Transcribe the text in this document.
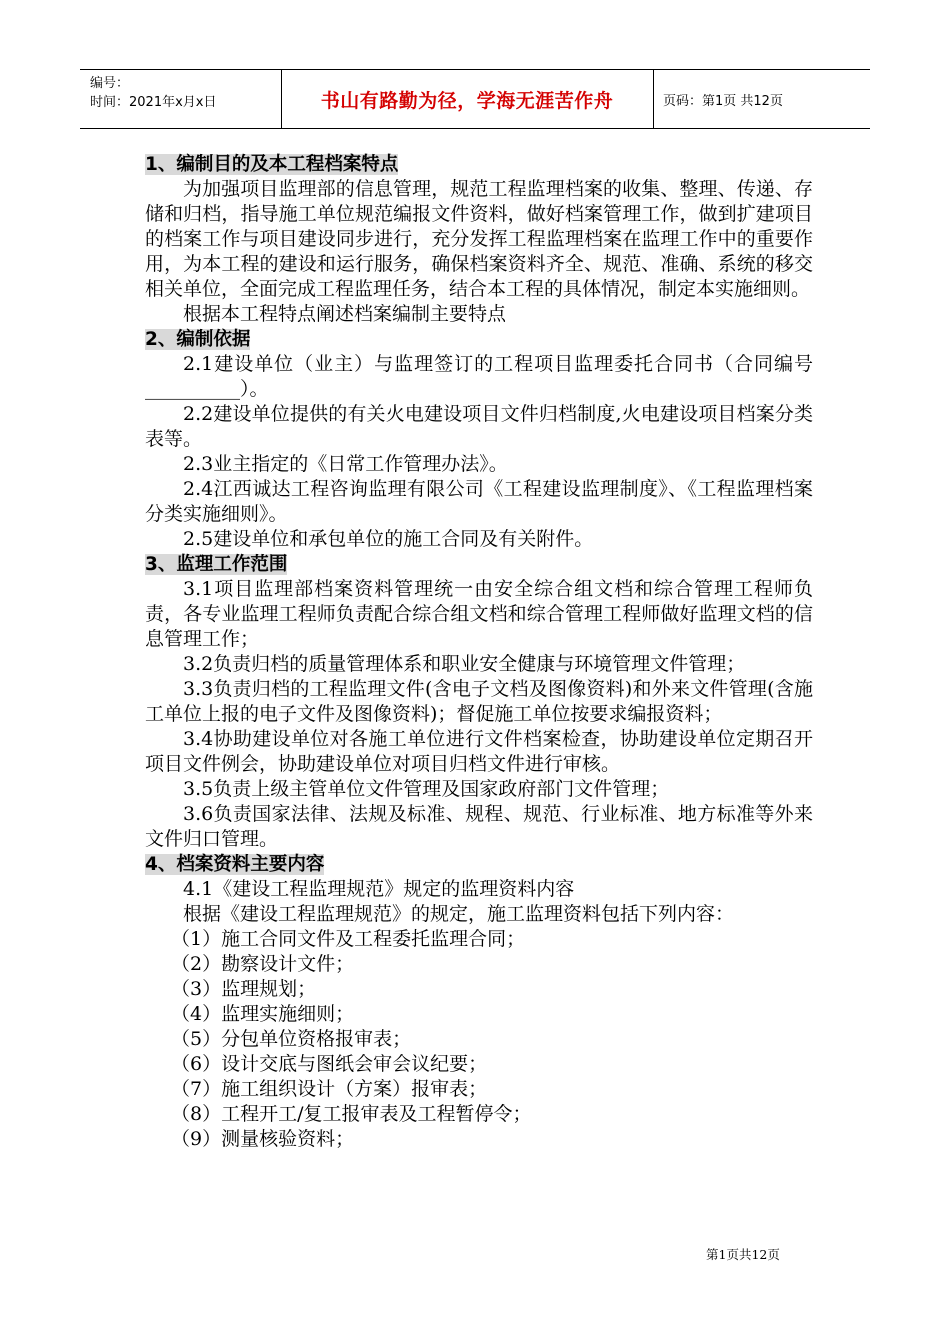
编号：
时间：2021年x月x日	书山有路勤为径，学海无涯苦作舟	页码：第1页 共12页
1、编制目的及本工程档案特点

为加强项目监理部的信息管理，规范工程监理档案的收集、整理、传递、存储和归档，指导施工单位规范编报文件资料，做好档案管理工作，做到扩建项目的档案工作与项目建设同步进行，充分发挥工程监理档案在监理工作中的重要作用，为本工程的建设和运行服务，确保档案资料齐全、规范、准确、系统的移交相关单位，全面完成工程监理任务，结合本工程的具体情况，制定本实施细则。

根据本工程特点阐述档案编制主要特点

2、编制依据

2.1建设单位（业主）与监理签订的工程项目监理委托合同书（合同编号__________）。

2.2建设单位提供的有关火电建设项目文件归档制度,火电建设项目档案分类表等。

2.3业主指定的《日常工作管理办法》。

2.4江西诚达工程咨询监理有限公司《工程建设监理制度》、《工程监理档案分类实施细则》。

2.5建设单位和承包单位的施工合同及有关附件。

3、监理工作范围

3.1项目监理部档案资料管理统一由安全综合组文档和综合管理工程师负责，各专业监理工程师负责配合综合组文档和综合管理工程师做好监理文档的信息管理工作；

3.2负责归档的质量管理体系和职业安全健康与环境管理文件管理；

3.3负责归档的工程监理文件(含电子文档及图像资料)和外来文件管理(含施工单位上报的电子文件及图像资料)；督促施工单位按要求编报资料；

3.4协助建设单位对各施工单位进行文件档案检查，协助建设单位定期召开项目文件例会，协助建设单位对项目归档文件进行审核。

3.5负责上级主管单位文件管理及国家政府部门文件管理；

3.6负责国家法律、法规及标准、规程、规范、行业标准、地方标准等外来文件归口管理。

4、档案资料主要内容

4.1《建设工程监理规范》规定的监理资料内容

根据《建设工程监理规范》的规定，施工监理资料包括下列内容：

（1）施工合同文件及工程委托监理合同；

（2）勘察设计文件；

（3）监理规划；

（4）监理实施细则；

（5）分包单位资格报审表；

（6）设计交底与图纸会审会议纪要；

（7）施工组织设计（方案）报审表；

（8）工程开工/复工报审表及工程暂停令；

（9）测量核验资料；

第1页共12页
